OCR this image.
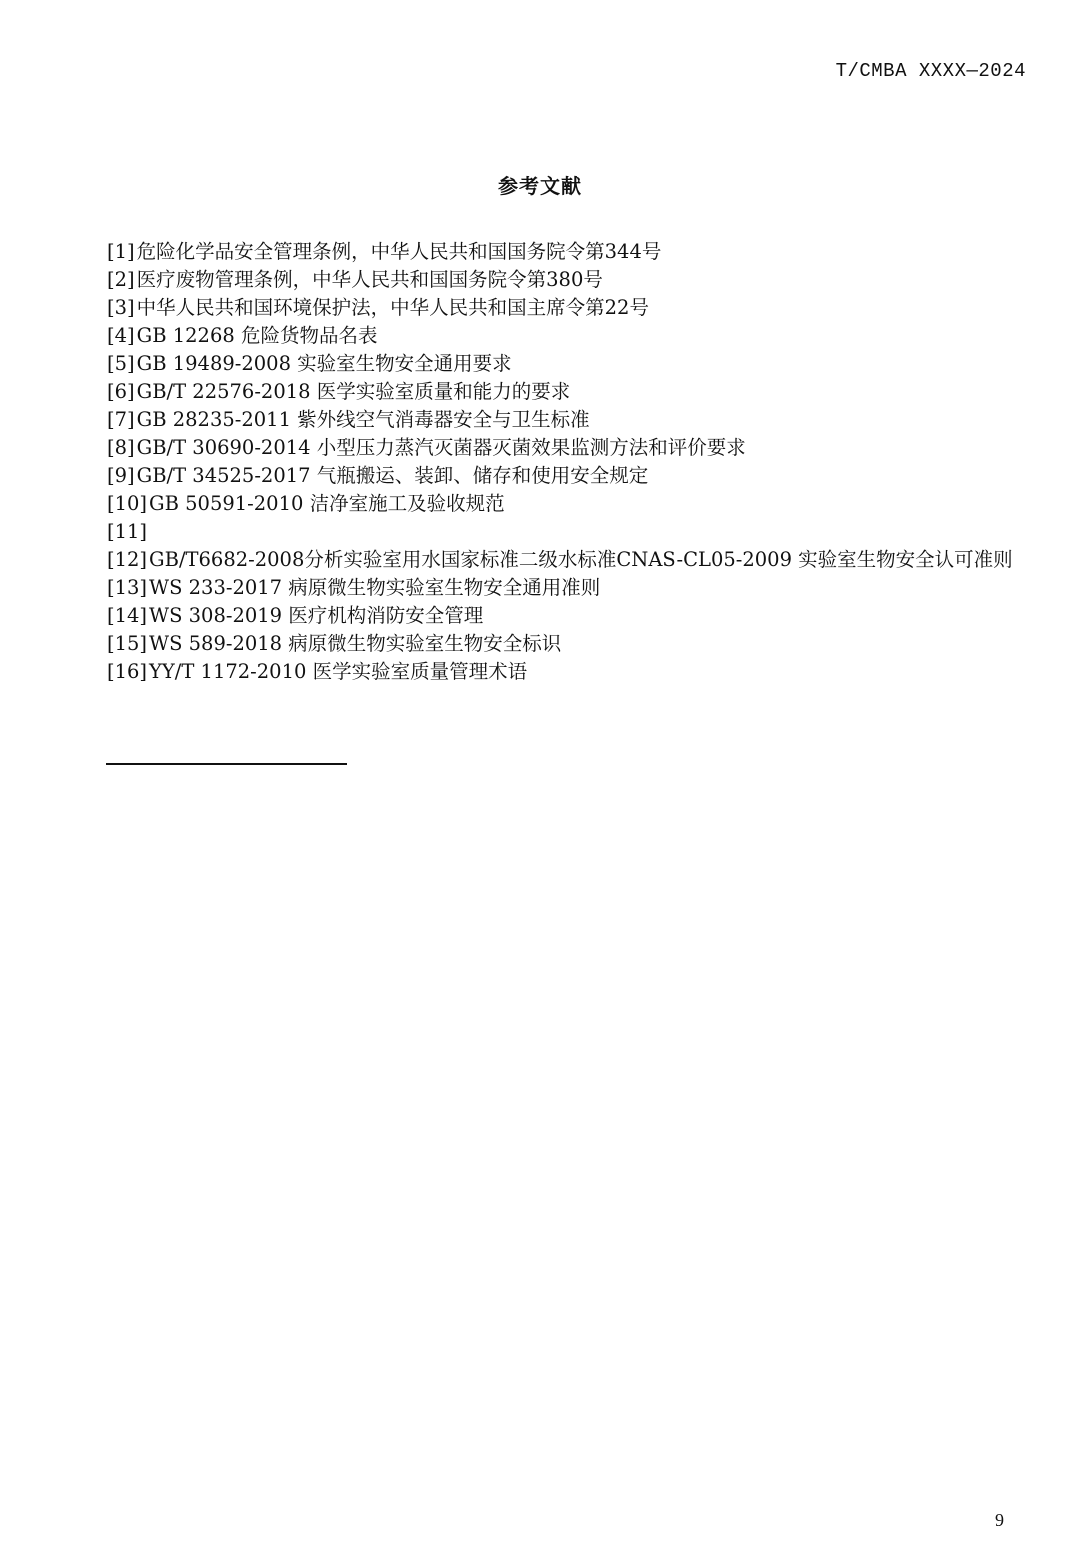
T/CMBA XXXX—2024
参考文献
[1] 危险化学品安全管理条例，中华人民共和国国务院令第344号
[2] 医疗废物管理条例，中华人民共和国国务院令第380号
[3] 中华人民共和国环境保护法，中华人民共和国主席令第22号
[4] GB 12268 危险货物品名表
[5] GB 19489-2008 实验室生物安全通用要求
[6] GB/T 22576-2018 医学实验室质量和能力的要求
[7] GB 28235-2011 紫外线空气消毒器安全与卫生标准
[8] GB/T 30690-2014 小型压力蒸汽灭菌器灭菌效果监测方法和评价要求
[9] GB/T 34525-2017 气瓶搬运、装卸、储存和使用安全规定
[10] GB 50591-2010 洁净室施工及验收规范
[11]
[12] GB/T6682-2008分析实验室用水国家标准二级水标准CNAS-CL05-2009 实验室生物安全认可准则
[13] WS 233-2017 病原微生物实验室生物安全通用准则
[14] WS 308-2019 医疗机构消防安全管理
[15] WS 589-2018 病原微生物实验室生物安全标识
[16] YY/T 1172-2010 医学实验室质量管理术语
9
